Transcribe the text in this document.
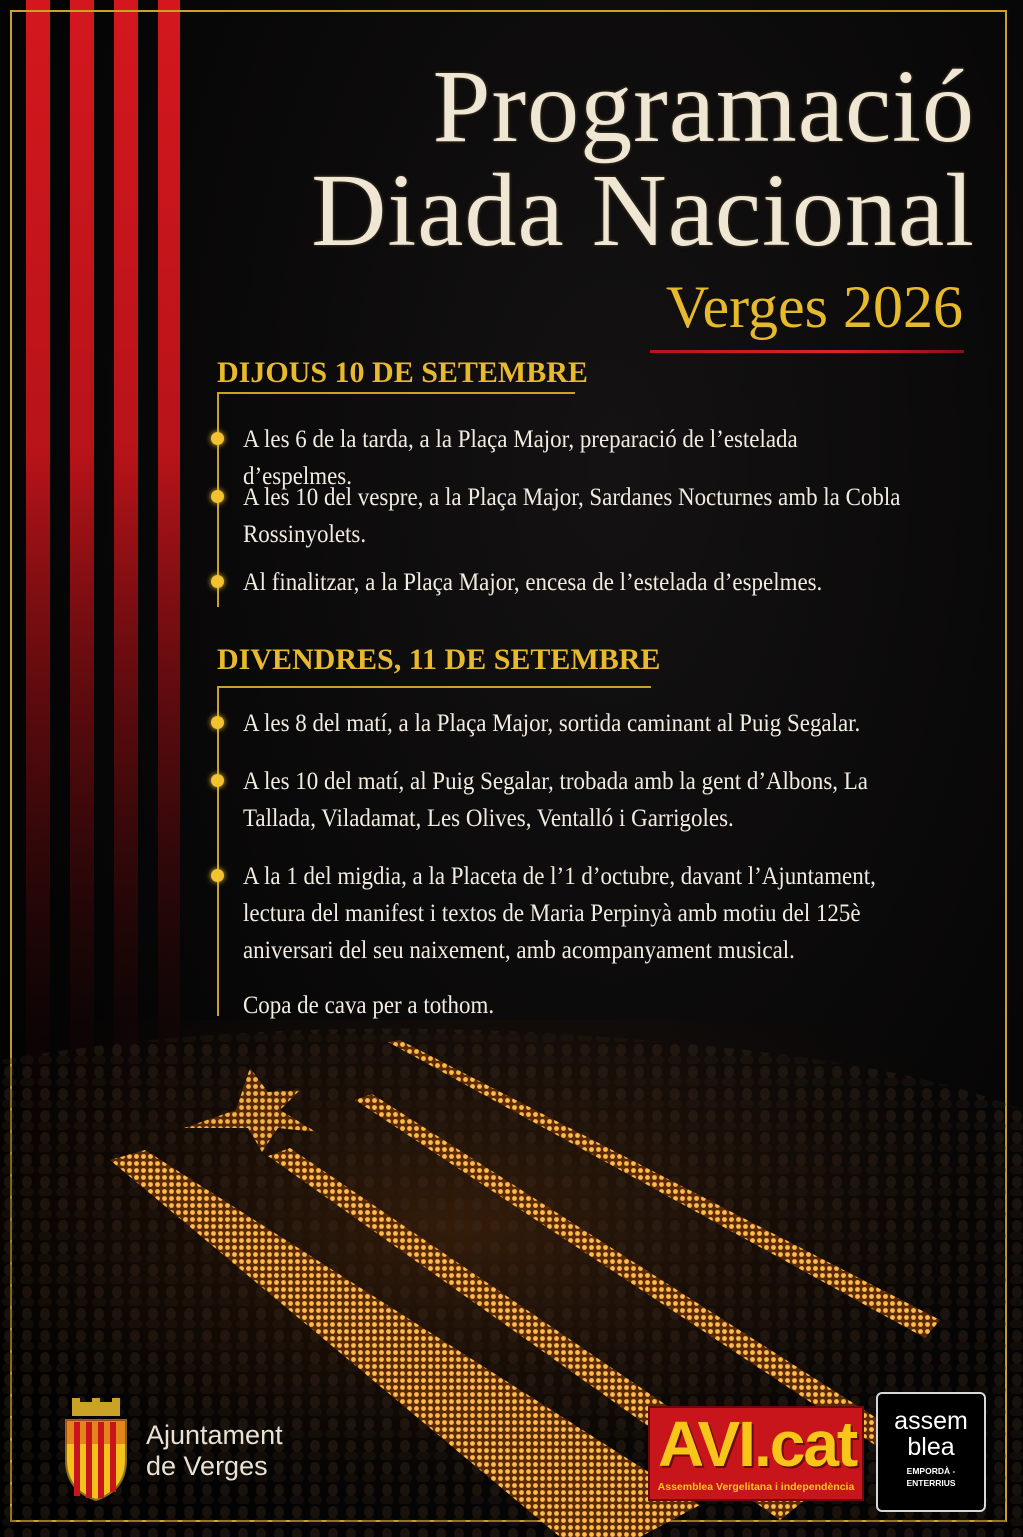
Programació
Diada Nacional
Verges 2026
DIJOUS 10 DE SETEMBRE
A les 6 de la tarda, a la Plaça Major, preparació de l’estelada d’espelmes.
A les 10 del vespre, a la Plaça Major, Sardanes Nocturnes amb la Cobla Rossinyolets.
Al finalitzar, a la Plaça Major, encesa de l’estelada d’espelmes.
DIVENDRES, 11 DE SETEMBRE
A les 8 del matí, a la Plaça Major, sortida caminant al Puig Segalar.
A les 10 del matí, al Puig Segalar, trobada amb la gent d’Albons, La Tallada, Viladamat, Les Olives, Ventalló i Garrigoles.
A la 1 del migdia, a la Placeta de l’1 d’octubre, davant l’Ajuntament, lectura del manifest i textos de Maria Perpinyà amb motiu del 125è aniversari del seu naixement, amb acompanyament musical.
Copa de cava per a tothom.
Ajuntament
de Verges	AVI.cat
Assemblea Vergelitana i independència
assem
blea
EMPORDÀ -
ENTERRIUS
